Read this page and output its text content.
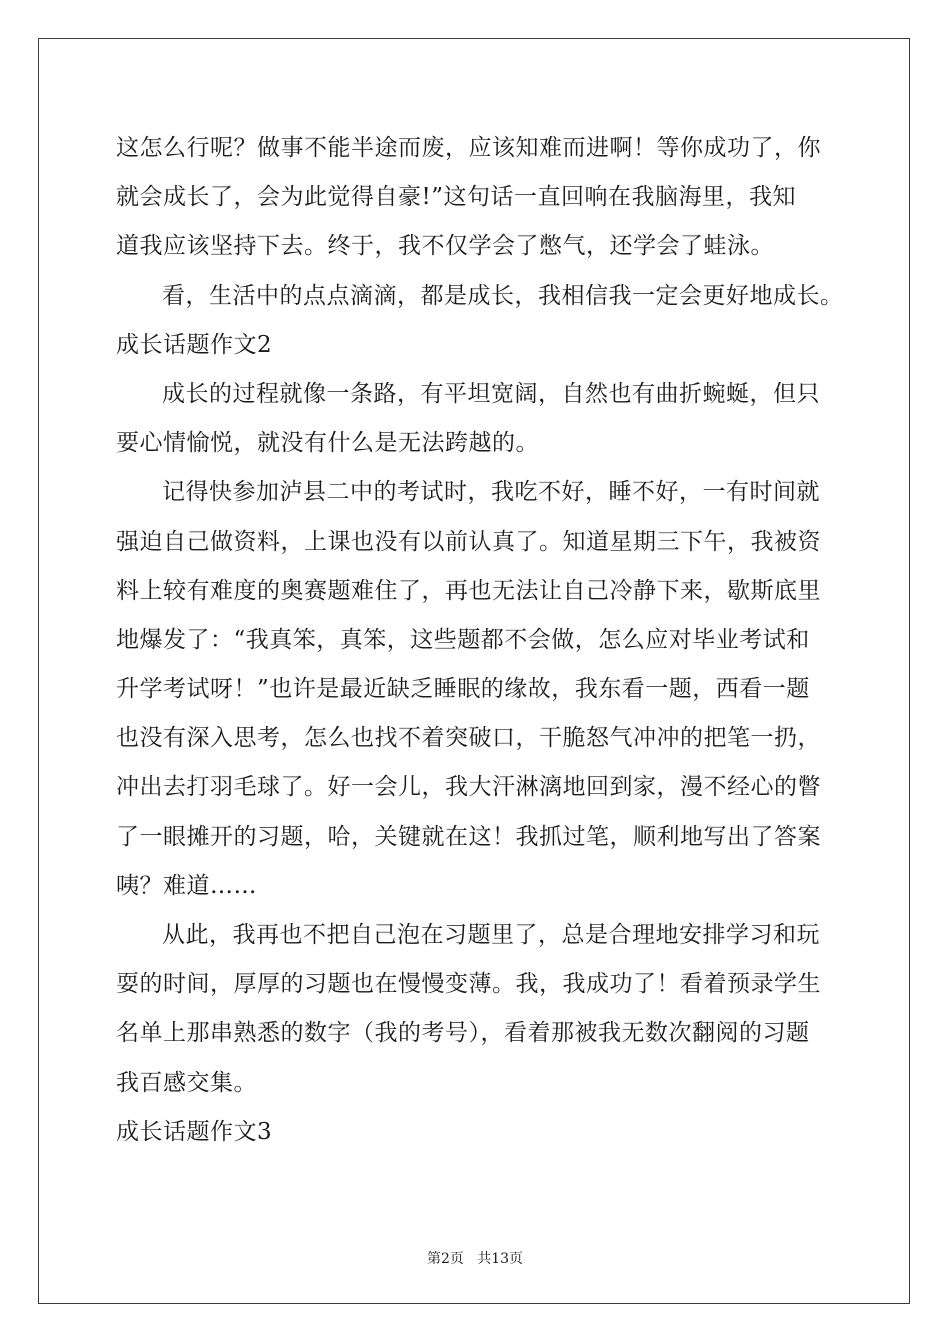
这怎么行呢？做事不能半途而废，应该知难而进啊！等你成功了，你
就会成长了，会为此觉得自豪!”这句话一直回响在我脑海里，我知
道我应该坚持下去。终于，我不仅学会了憋气，还学会了蛙泳。
看，生活中的点点滴滴，都是成长，我相信我一定会更好地成长。
成长话题作文2
成长的过程就像一条路，有平坦宽阔，自然也有曲折蜿蜒，但只
要心情愉悦，就没有什么是无法跨越的。
记得快参加泸县二中的考试时，我吃不好，睡不好，一有时间就
强迫自己做资料，上课也没有以前认真了。知道星期三下午，我被资
料上较有难度的奥赛题难住了，再也无法让自己冷静下来，歇斯底里
地爆发了：“我真笨，真笨，这些题都不会做，怎么应对毕业考试和
升学考试呀！”也许是最近缺乏睡眠的缘故，我东看一题，西看一题
也没有深入思考，怎么也找不着突破口，干脆怒气冲冲的把笔一扔，
冲出去打羽毛球了。好一会儿，我大汗淋漓地回到家，漫不经心的瞥
了一眼摊开的习题，哈，关键就在这！我抓过笔，顺利地写出了答案
咦？难道……
从此，我再也不把自己泡在习题里了，总是合理地安排学习和玩
耍的时间，厚厚的习题也在慢慢变薄。我，我成功了！看着预录学生
名单上那串熟悉的数字（我的考号），看着那被我无数次翻阅的习题
我百感交集。
成长话题作文3
第2页   共13页
